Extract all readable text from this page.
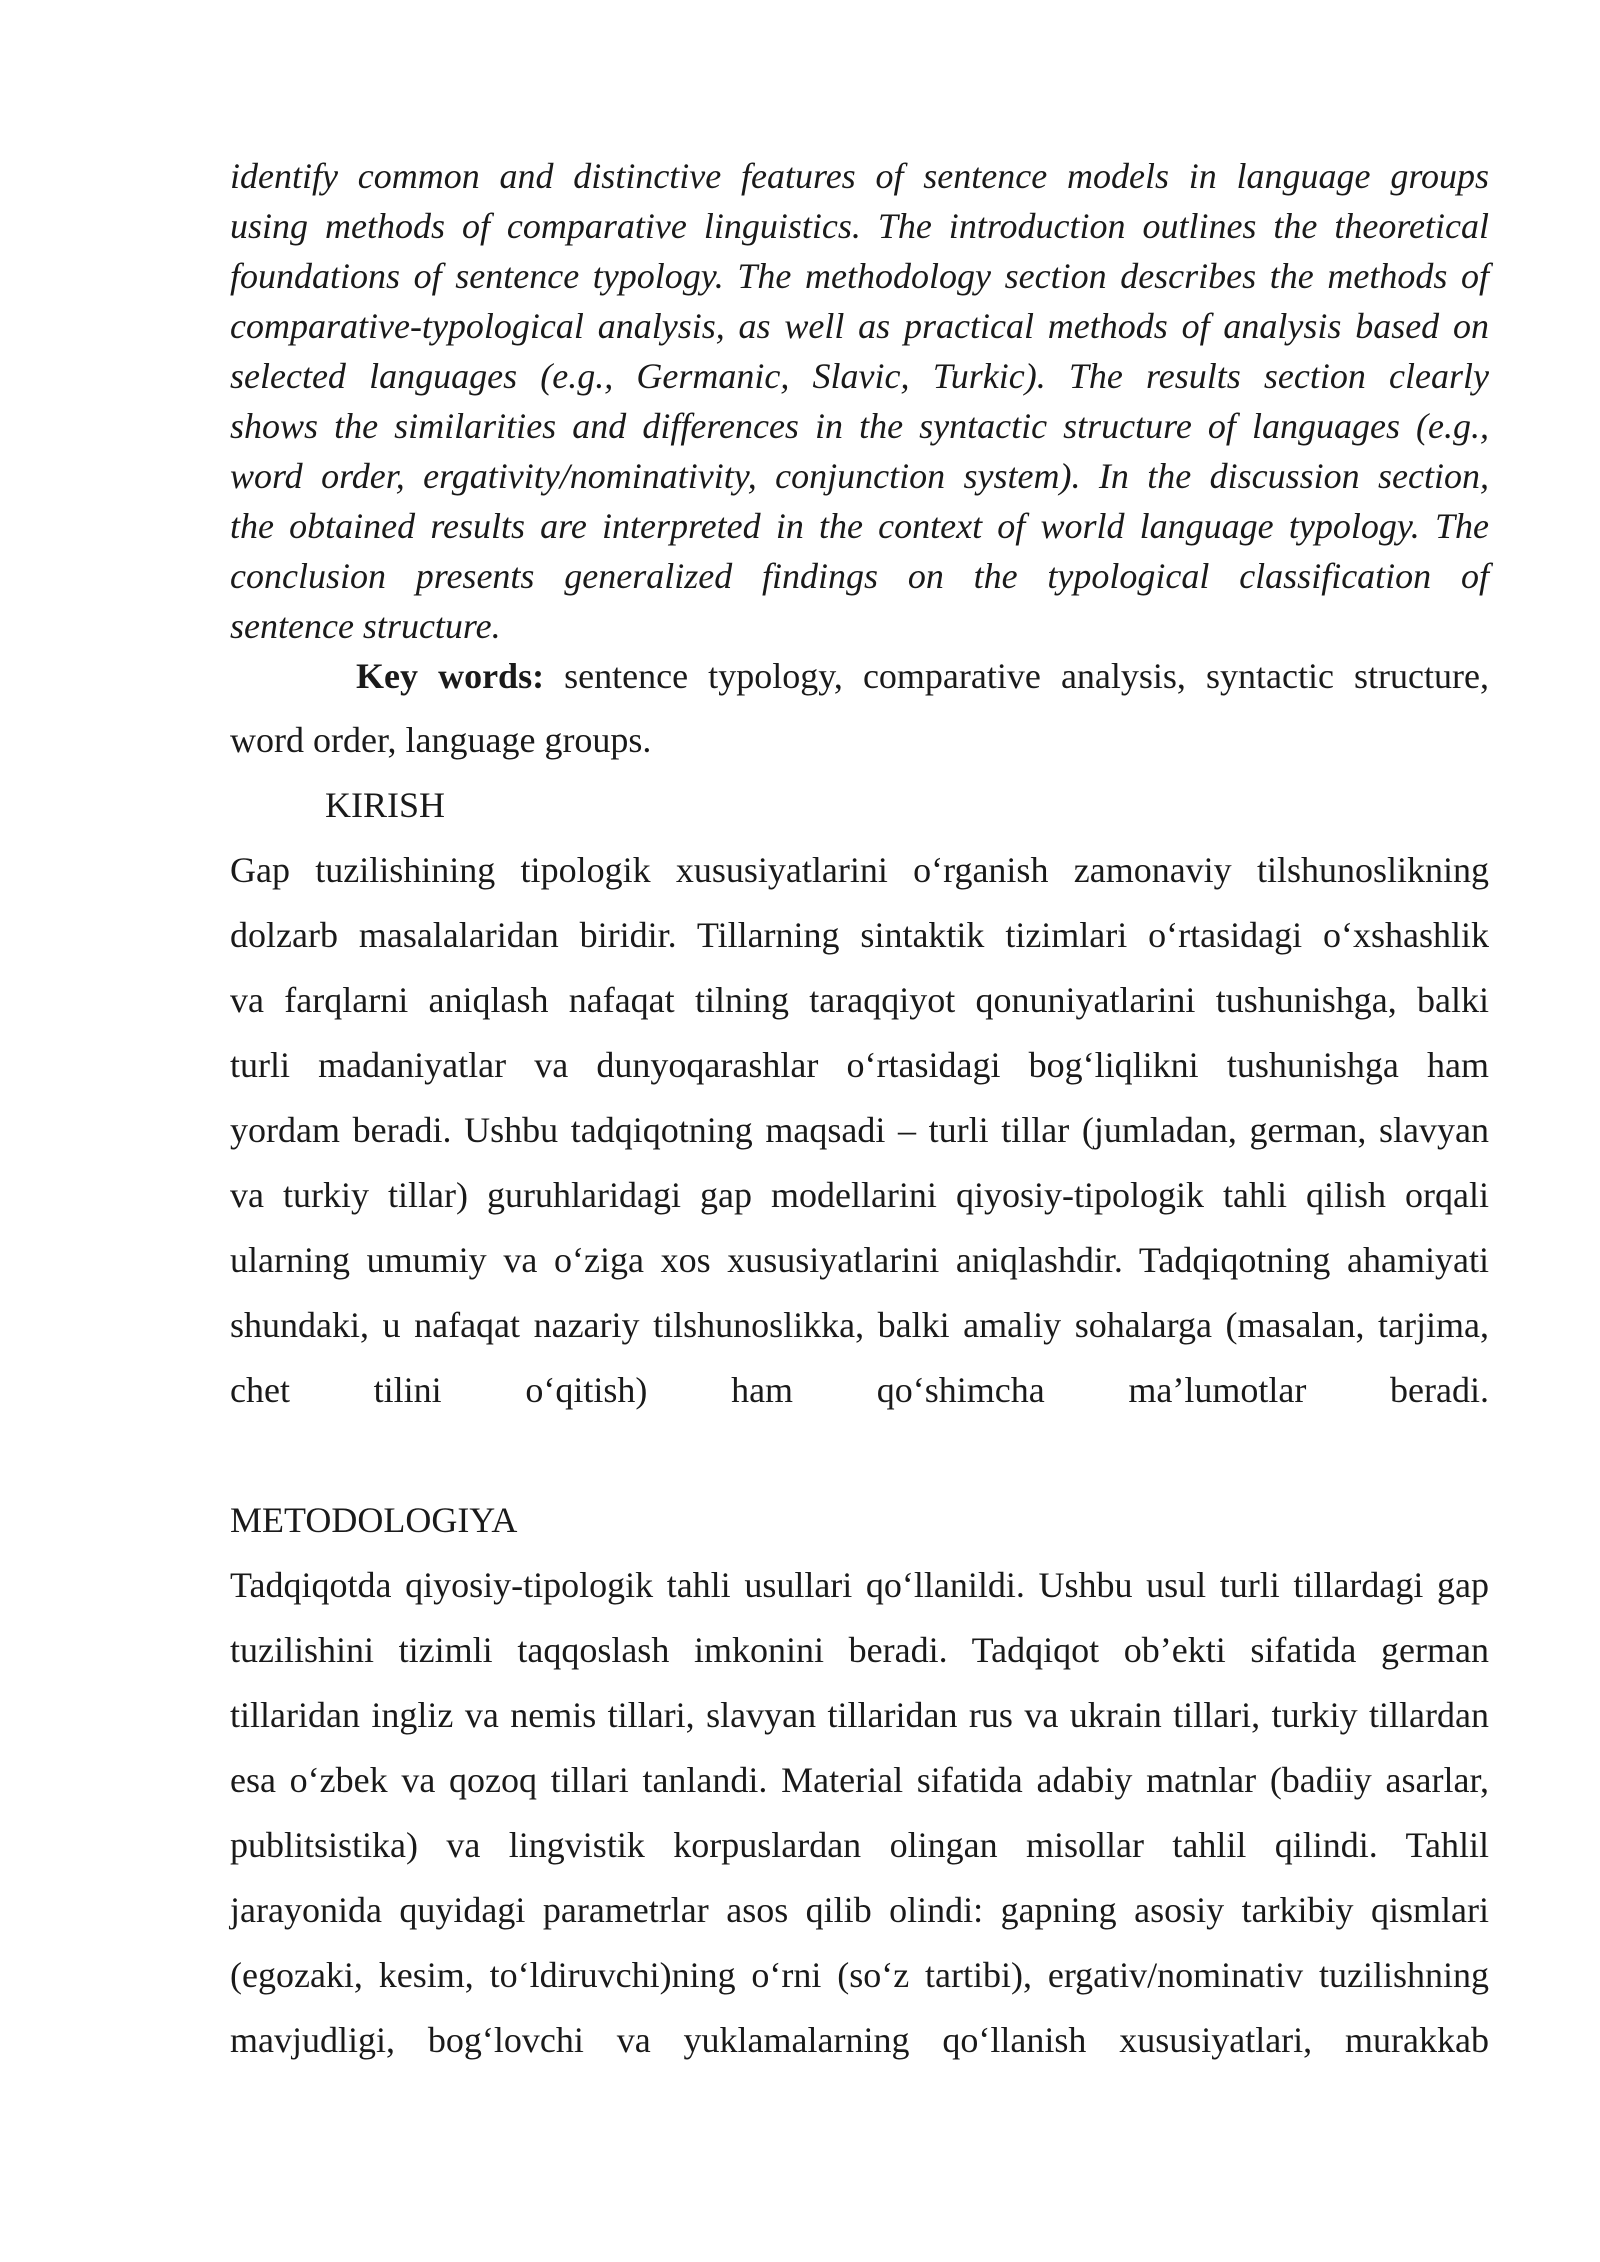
identify common and distinctive features of sentence models in language groups
using methods of comparative linguistics. The introduction outlines the theoretical
foundations of sentence typology. The methodology section describes the methods of
comparative-typological analysis, as well as practical methods of analysis based on
selected languages (e.g., Germanic, Slavic, Turkic). The results section clearly
shows the similarities and differences in the syntactic structure of languages (e.g.,
word order, ergativity/nominativity, conjunction system). In the discussion section,
the obtained results are interpreted in the context of world language typology. The
conclusion presents generalized findings on the typological classification of
sentence structure.
Key words: sentence typology, comparative analysis, syntactic structure,
word order, language groups.
KIRISH
Gap tuzilishining tipologik xususiyatlarini o‘rganish zamonaviy tilshunoslikning
dolzarb masalalaridan biridir. Tillarning sintaktik tizimlari o‘rtasidagi o‘xshashlik
va farqlarni aniqlash nafaqat tilning taraqqiyot qonuniyatlarini tushunishga, balki
turli madaniyatlar va dunyoqarashlar o‘rtasidagi bog‘liqlikni tushunishga ham
yordam beradi. Ushbu tadqiqotning maqsadi – turli tillar (jumladan, german, slavyan
va turkiy tillar) guruhlaridagi gap modellarini qiyosiy-tipologik tahli qilish orqali
ularning umumiy va o‘ziga xos xususiyatlarini aniqlashdir. Tadqiqotning ahamiyati
shundaki, u nafaqat nazariy tilshunoslikka, balki amaliy sohalarga (masalan, tarjima,
chet tilini o‘qitish) ham qo‘shimcha ma’lumotlar beradi.
METODOLOGIYA
Tadqiqotda qiyosiy-tipologik tahli usullari qo‘llanildi. Ushbu usul turli tillardagi gap
tuzilishini tizimli taqqoslash imkonini beradi. Tadqiqot ob’ekti sifatida german
tillaridan ingliz va nemis tillari, slavyan tillaridan rus va ukrain tillari, turkiy tillardan
esa o‘zbek va qozoq tillari tanlandi. Material sifatida adabiy matnlar (badiiy asarlar,
publitsistika) va lingvistik korpuslardan olingan misollar tahlil qilindi. Tahlil
jarayonida quyidagi parametrlar asos qilib olindi: gapning asosiy tarkibiy qismlari
(egozaki, kesim, to‘ldiruvchi)ning o‘rni (so‘z tartibi), ergativ/nominativ tuzilishning
mavjudligi, bog‘lovchi va yuklamalarning qo‘llanish xususiyatlari, murakkab
